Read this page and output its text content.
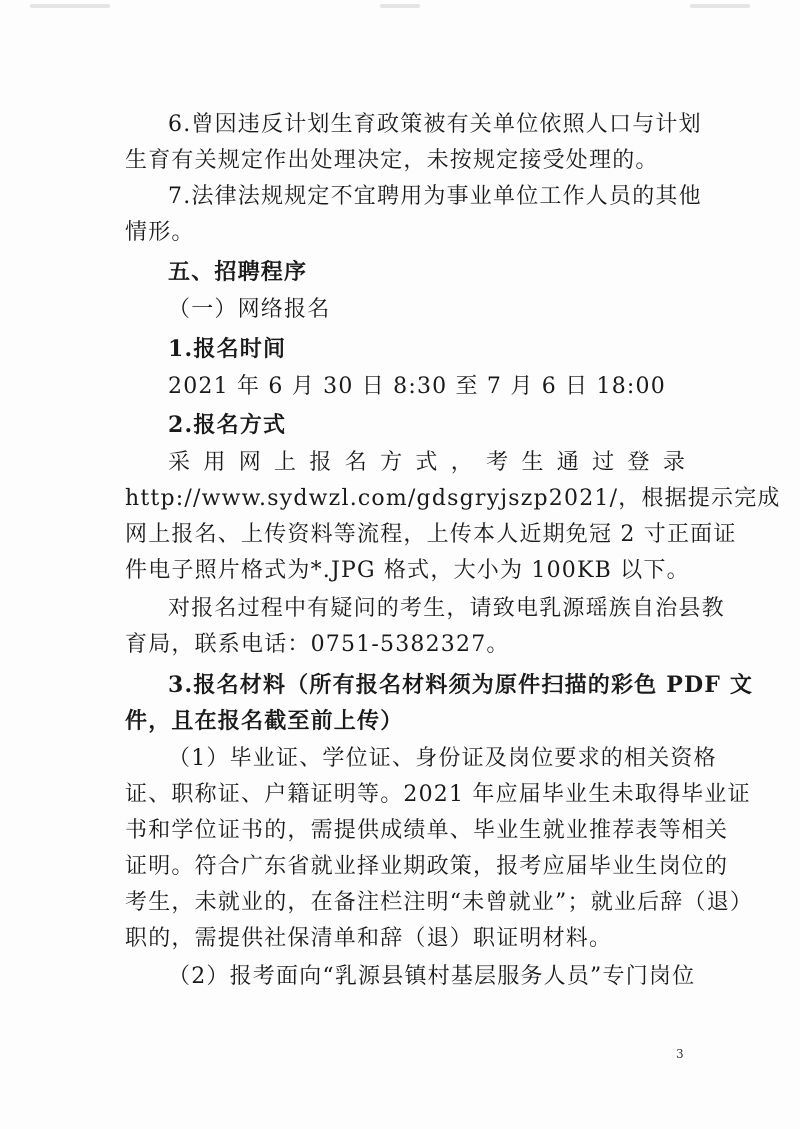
6.曾因违反计划生育政策被有关单位依照人口与计划
生育有关规定作出处理决定，未按规定接受处理的。
7.法律法规规定不宜聘用为事业单位工作人员的其他
情形。
五、招聘程序
（一）网络报名
1.报名时间
2021 年 6 月 30 日 8:30 至 7 月 6 日 18:00
2.报名方式
采 用 网 上 报 名 方 式 ， 考 生 通 过 登 录
http://www.sydwzl.com/gdsgryjszp2021/，根据提示完成
网上报名、上传资料等流程，上传本人近期免冠 2 寸正面证
件电子照片格式为*.JPG 格式，大小为 100KB 以下。
对报名过程中有疑问的考生，请致电乳源瑶族自治县教
育局，联系电话：0751-5382327。
3.报名材料（所有报名材料须为原件扫描的彩色 PDF 文
件，且在报名截至前上传）
（1）毕业证、学位证、身份证及岗位要求的相关资格
证、职称证、户籍证明等。2021 年应届毕业生未取得毕业证
书和学位证书的，需提供成绩单、毕业生就业推荐表等相关
证明。符合广东省就业择业期政策，报考应届毕业生岗位的
考生，未就业的，在备注栏注明“未曾就业”；就业后辞（退）
职的，需提供社保清单和辞（退）职证明材料。
（2）报考面向“乳源县镇村基层服务人员”专门岗位
3
